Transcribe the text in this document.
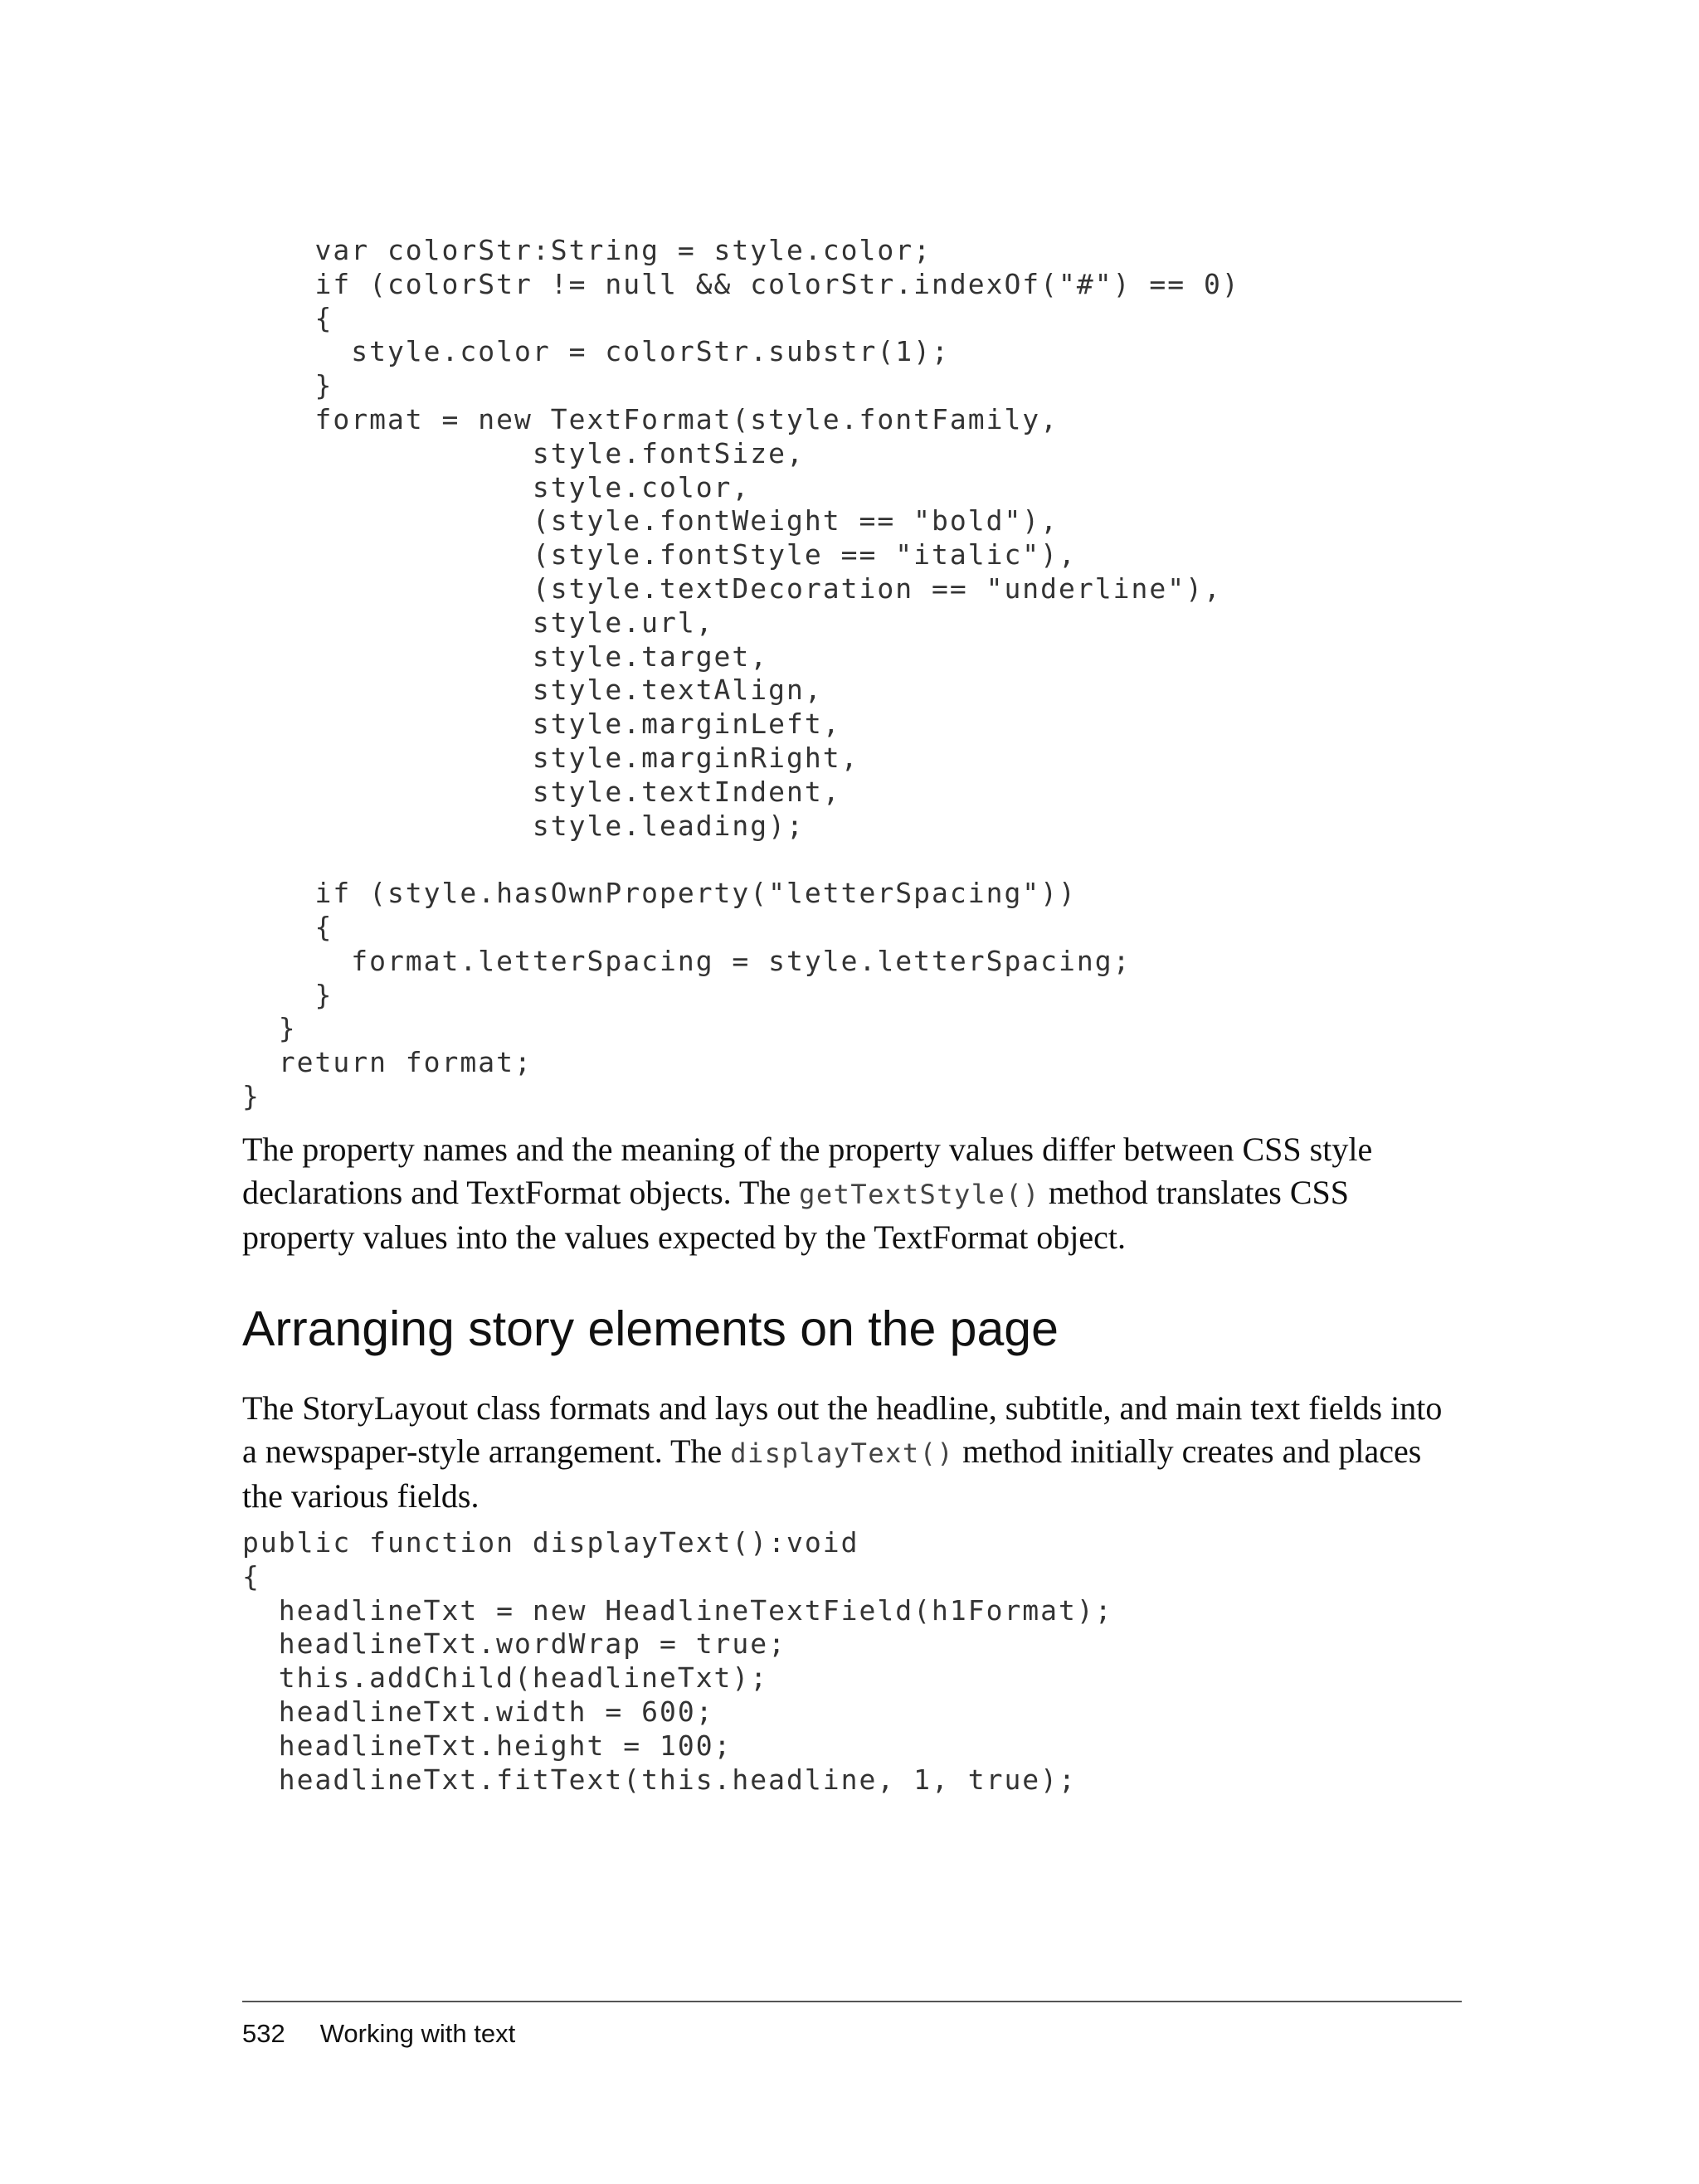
var colorStr:String = style.color;
if (colorStr != null && colorStr.indexOf("#") == 0)
{
style.color = colorStr.substr(1);
}
format = new TextFormat(style.fontFamily,
style.fontSize,
style.color,
(style.fontWeight == "bold"),
(style.fontStyle == "italic"),
(style.textDecoration == "underline"),
style.url,
style.target,
style.textAlign,
style.marginLeft,
style.marginRight,
style.textIndent,
style.leading);

if (style.hasOwnProperty("letterSpacing"))
{
format.letterSpacing = style.letterSpacing;
}
}
return format;
}

The property names and the meaning of the property values differ between CSS style declarations and TextFormat objects. The getTextStyle() method translates CSS property values into the values expected by the TextFormat object.

Arranging story elements on the page

The StoryLayout class formats and lays out the headline, subtitle, and main text fields into a newspaper-style arrangement. The displayText() method initially creates and places the various fields.

public function displayText():void
{
headlineTxt = new HeadlineTextField(h1Format);
headlineTxt.wordWrap = true;
this.addChild(headlineTxt);
headlineTxt.width = 600;
headlineTxt.height = 100;
headlineTxt.fitText(this.headline, 1, true);
532 Working with text
